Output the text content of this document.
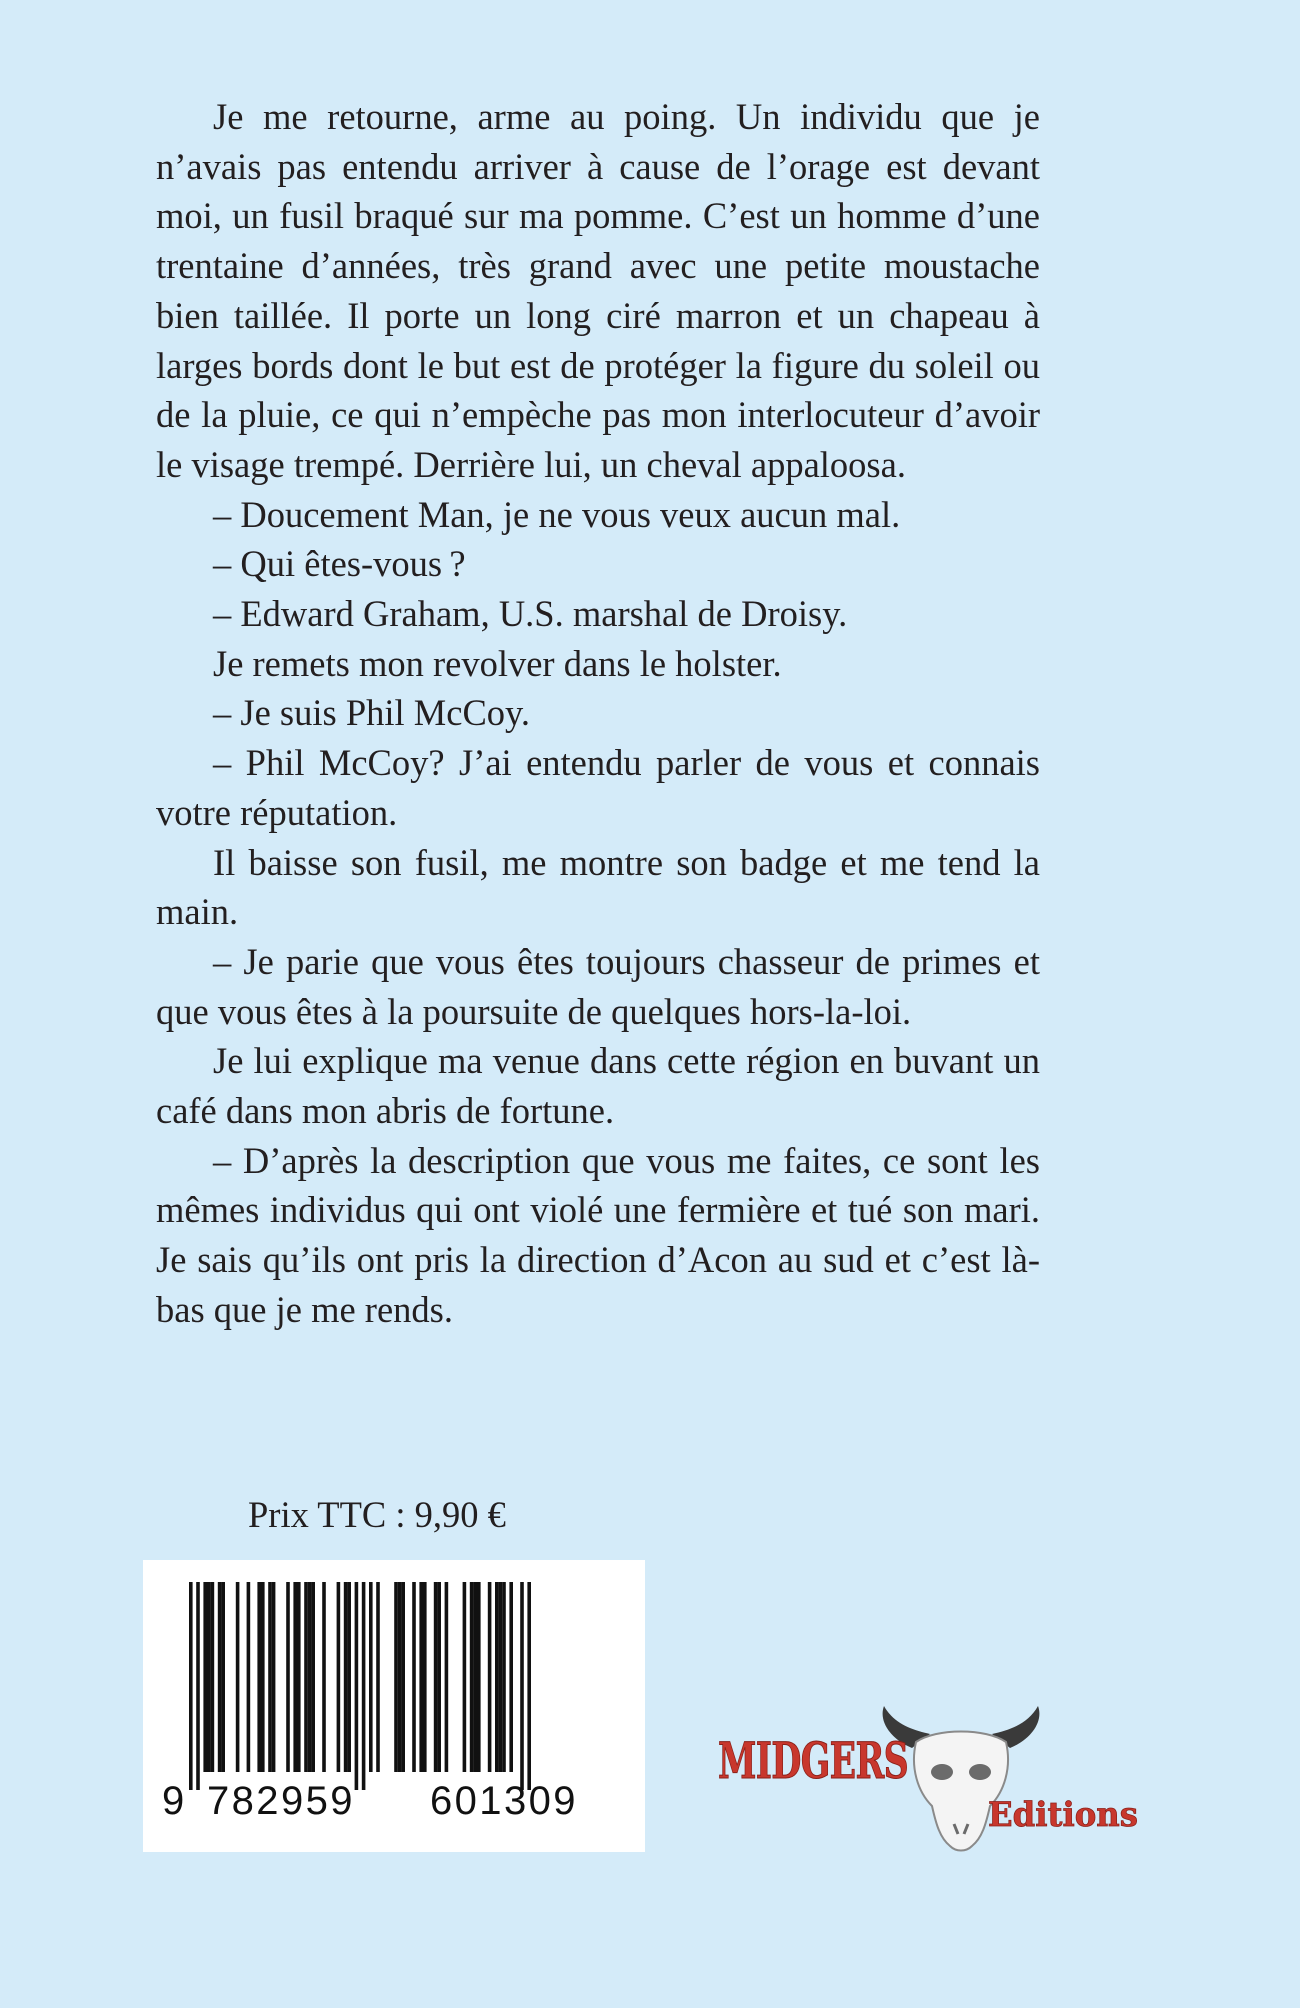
Je me retourne, arme au poing. Un individu que je n’avais pas entendu arriver à cause de l’orage est devant moi, un fusil braqué sur ma pomme. C’est un homme d’une trentaine d’années, très grand avec une petite moustache bien taillée. Il porte un long ciré marron et un chapeau à larges bords dont le but est de protéger la figure du soleil ou de la pluie, ce qui n’empèche pas mon interlocuteur d’avoir le visage trempé. Derrière lui, un cheval appaloosa.

– Doucement Man, je ne vous veux aucun mal.

– Qui êtes-vous ?

– Edward Graham, U.S. marshal de Droisy.

Je remets mon revolver dans le holster.

– Je suis Phil McCoy.

– Phil McCoy? J’ai entendu parler de vous et connais votre réputation.

Il baisse son fusil, me montre son badge et me tend la main.

– Je parie que vous êtes toujours chasseur de primes et que vous êtes à la poursuite de quelques hors-la-loi.

Je lui explique ma venue dans cette région en buvant un café dans mon abris de fortune.

– D’après la description que vous me faites, ce sont les mêmes individus qui ont violé une fermière et tué son mari. Je sais qu’ils ont pris la direction d’Acon au sud et c’est là-bas que je me rends.

Prix TTC : 9,90 €
9 782959 601309
MIDGERS
Editions
